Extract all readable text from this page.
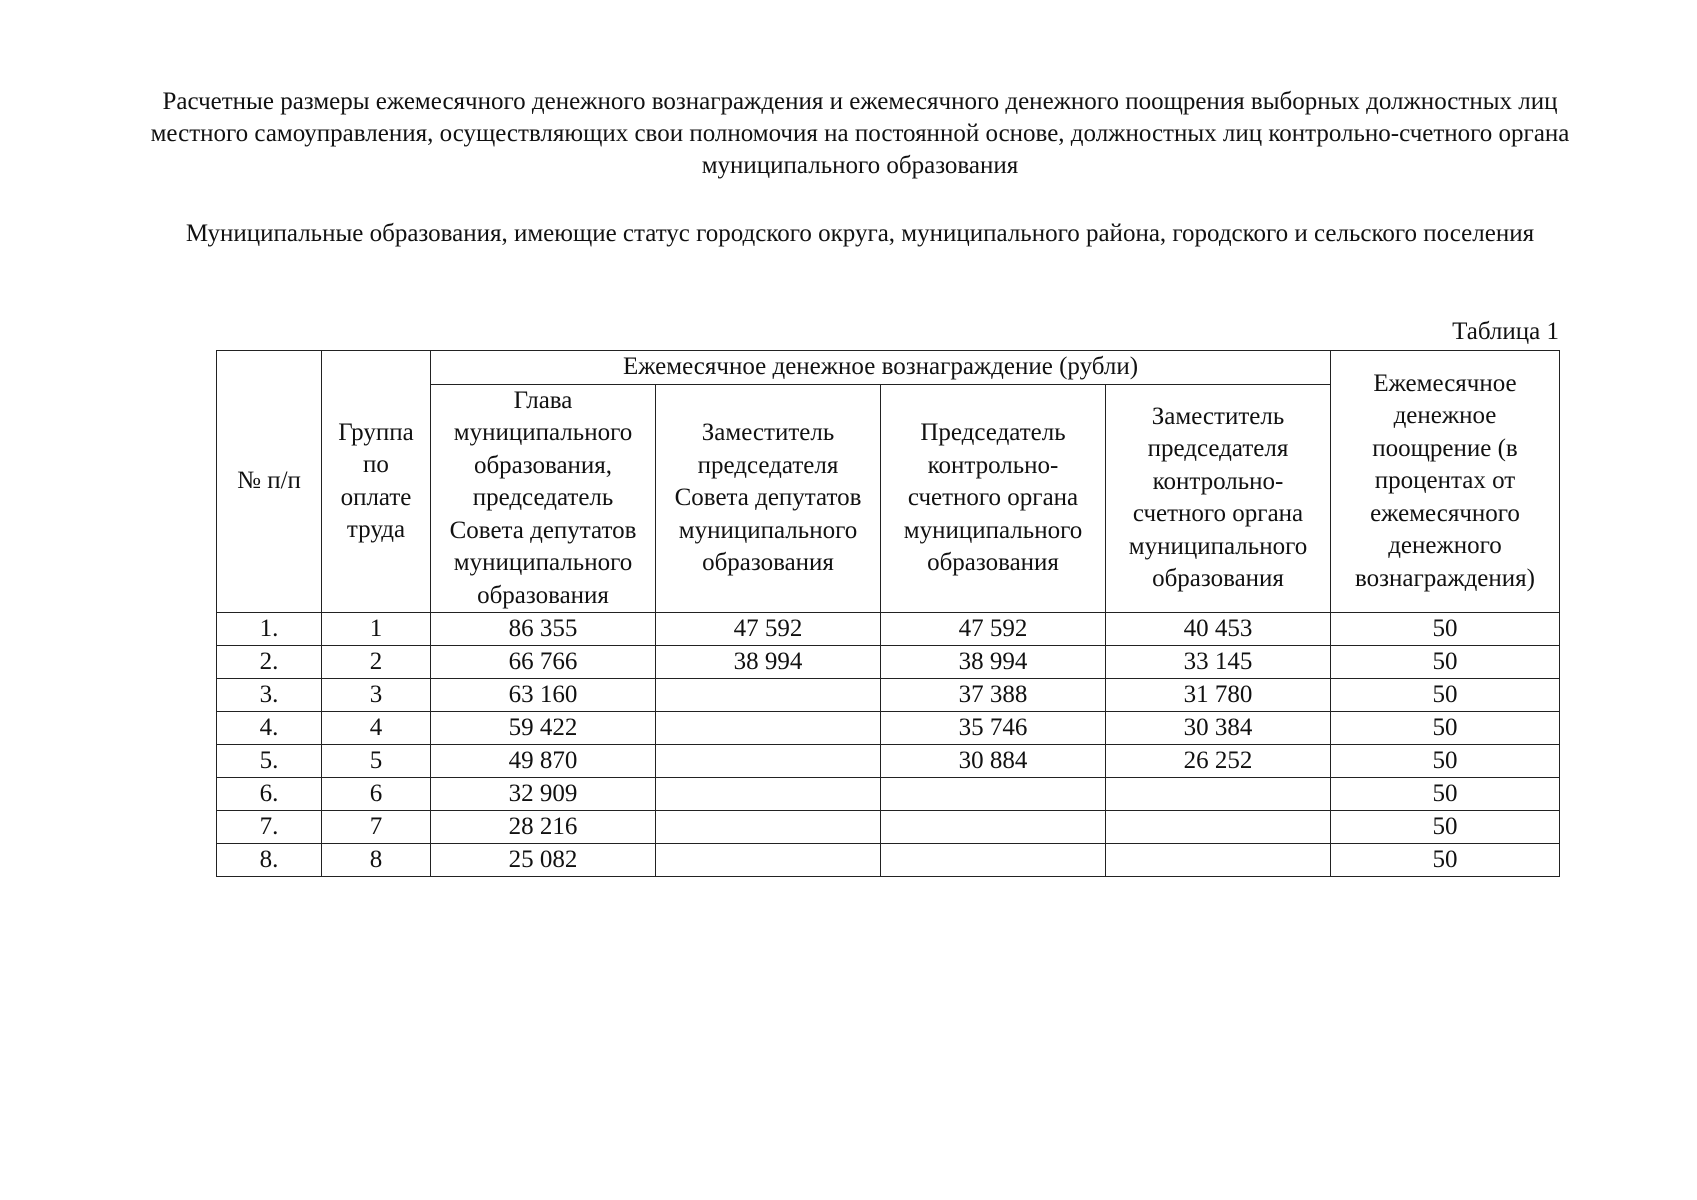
Расчетные размеры ежемесячного денежного вознаграждения и ежемесячного денежного поощрения выборных должностных лиц местного самоуправления, осуществляющих свои полномочия на постоянной основе, должностных лиц контрольно-счетного органа муниципального образования
Муниципальные образования, имеющие статус городского округа, муниципального района, городского и сельского поселения
Таблица 1
№ п/п	Группа по оплате труда	Ежемесячное денежное вознаграждение (рубли)				Ежемесячное денежное поощрение (в процентах от ежемесячного денежного вознаграждения)
		Глава муниципального образования, председатель Совета депутатов муниципального образования	Заместитель председателя Совета депутатов муниципального образования	Председатель контрольно-счетного органа муниципального образования	Заместитель председателя контрольно-счетного органа муниципального образования	
1.	1	86 355	47 592	47 592	40 453	50
2.	2	66 766	38 994	38 994	33 145	50
3.	3	63 160		37 388	31 780	50
4.	4	59 422		35 746	30 384	50
5.	5	49 870		30 884	26 252	50
6.	6	32 909				50
7.	7	28 216				50
8.	8	25 082				50
